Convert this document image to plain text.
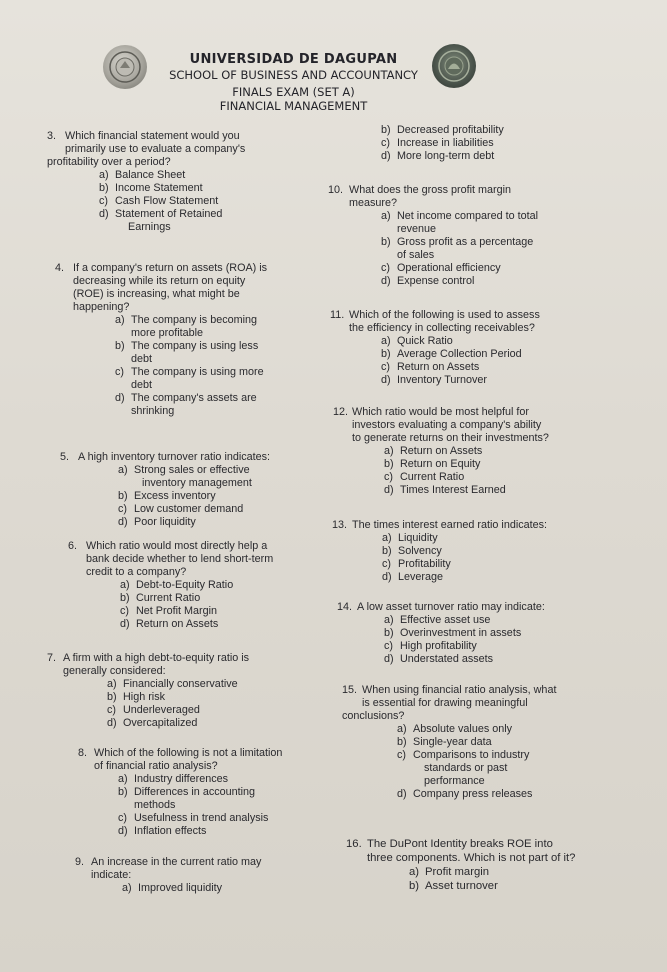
UNIVERSIDAD DE DAGUPAN
SCHOOL OF BUSINESS AND ACCOUNTANCY
FINALS EXAM (SET A)
FINANCIAL MANAGEMENT
3. Which financial statement would you
primarily use to evaluate a company's
profitability over a period?
a) Balance Sheet
b) Income Statement
c) Cash Flow Statement
d) Statement of Retained
Earnings
4. If a company's return on assets (ROA) is
decreasing while its return on equity
(ROE) is increasing, what might be
happening?
a) The company is becoming
more profitable
b) The company is using less
debt
c) The company is using more
debt
d) The company's assets are
shrinking
5. A high inventory turnover ratio indicates:
a) Strong sales or effective
inventory management
b) Excess inventory
c) Low customer demand
d) Poor liquidity
6. Which ratio would most directly help a
bank decide whether to lend short-term
credit to a company?
a) Debt-to-Equity Ratio
b) Current Ratio
c) Net Profit Margin
d) Return on Assets
7. A firm with a high debt-to-equity ratio is
generally considered:
a) Financially conservative
b) High risk
c) Underleveraged
d) Overcapitalized
8. Which of the following is not a limitation
of financial ratio analysis?
a) Industry differences
b) Differences in accounting
methods
c) Usefulness in trend analysis
d) Inflation effects
9. An increase in the current ratio may
indicate:
a) Improved liquidity
b) Decreased profitability
c) Increase in liabilities
d) More long-term debt
10. What does the gross profit margin
measure?
a) Net income compared to total
revenue
b) Gross profit as a percentage
of sales
c) Operational efficiency
d) Expense control
11. Which of the following is used to assess
the efficiency in collecting receivables?
a) Quick Ratio
b) Average Collection Period
c) Return on Assets
d) Inventory Turnover
12. Which ratio would be most helpful for
investors evaluating a company's ability
to generate returns on their investments?
a) Return on Assets
b) Return on Equity
c) Current Ratio
d) Times Interest Earned
13. The times interest earned ratio indicates:
a) Liquidity
b) Solvency
c) Profitability
d) Leverage
14. A low asset turnover ratio may indicate:
a) Effective asset use
b) Overinvestment in assets
c) High profitability
d) Understated assets
15. When using financial ratio analysis, what
is essential for drawing meaningful
conclusions?
a) Absolute values only
b) Single-year data
c) Comparisons to industry
standards or past
performance
d) Company press releases
16. The DuPont Identity breaks ROE into
three components. Which is not part of it?
a) Profit margin
b) Asset turnover
